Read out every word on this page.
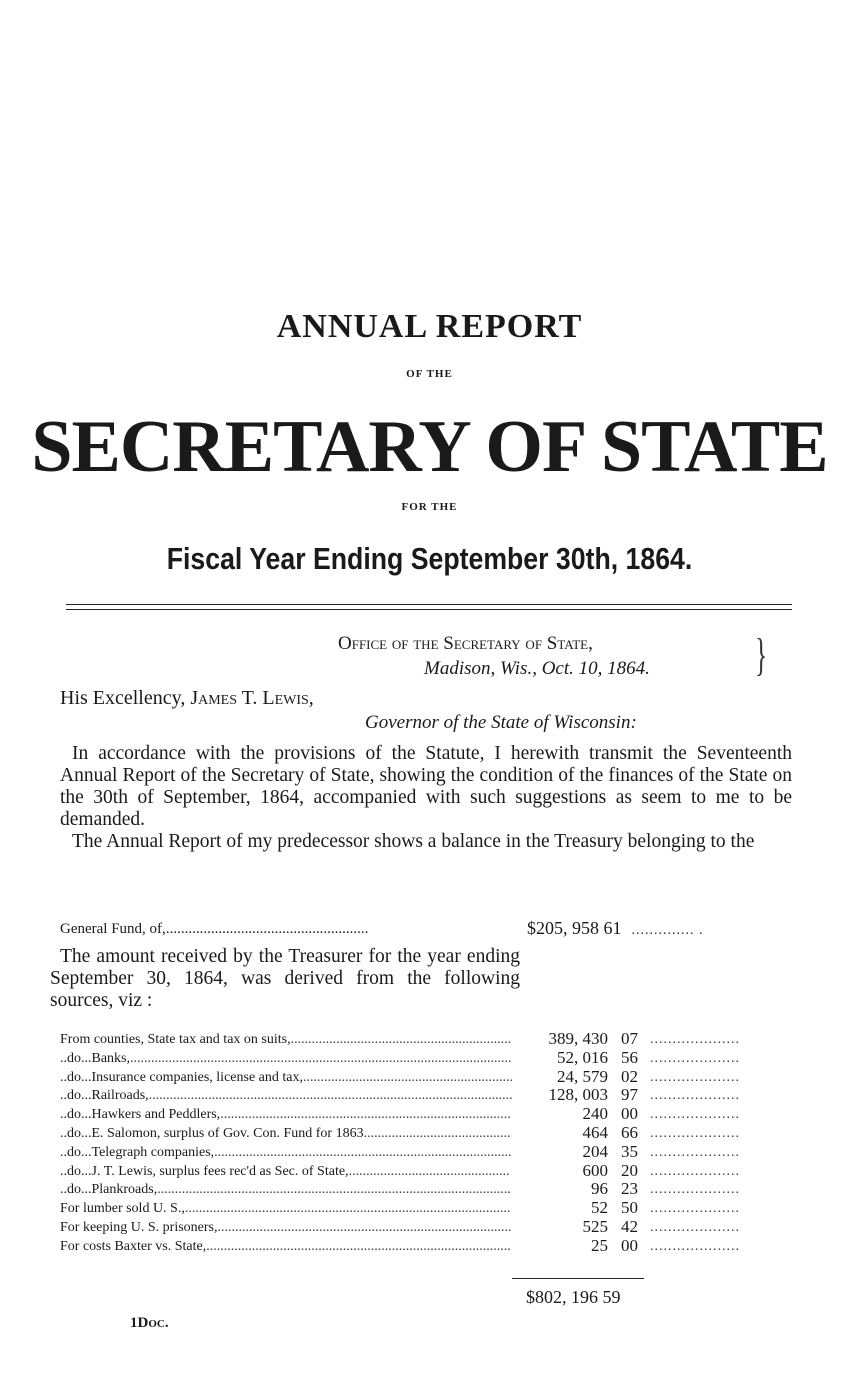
ANNUAL REPORT
OF THE
SECRETARY OF STATE
FOR THE
Fiscal Year Ending September 30th, 1864.
Office of the Secretary of State,
Madison, Wis., Oct. 10, 1864. }
His Excellency, James T. Lewis,
Governor of the State of Wisconsin:

In accordance with the provisions of the Statute, I herewith transmit the Seventeenth Annual Report of the Secretary of State, showing the condition of the finances of the State on the 30th of September, 1864, accompanied with such suggestions as seem to me to be demanded.

The Annual Report of my predecessor shows a balance in the Treasury belonging to the

General Fund, of,......................................................	$205, 958 61 .............. .

The amount received by the Treasurer for the year ending September 30, 1864, was derived from the following sources, viz :

From counties, State tax and tax on suits,...............................................................	389, 430 07 ....................
..do...Banks,.............................................................................................................	52, 016 56 ....................
..do...Insurance companies, license and tax,............................................................	24, 579 02 ....................
..do...Railroads,........................................................................................................	128, 003 97 ....................
..do...Hawkers and Peddlers,...................................................................................	240 00 ....................
..do...E. Salomon, surplus of Gov. Con. Fund for 1863..........................................	464 66 ....................
..do...Telegraph companies,.....................................................................................	204 35 ....................
..do...J. T. Lewis, surplus fees rec'd as Sec. of State,..............................................	600 20 ....................
..do...Plankroads,.....................................................................................................	96 23 ....................
For lumber sold U. S.,.............................................................................................	52 50 ....................
For keeping U. S. prisoners,....................................................................................	525 42 ....................
For costs Baxter vs. State,.......................................................................................	25 00 ....................
$802, 196 59
1Doc.
